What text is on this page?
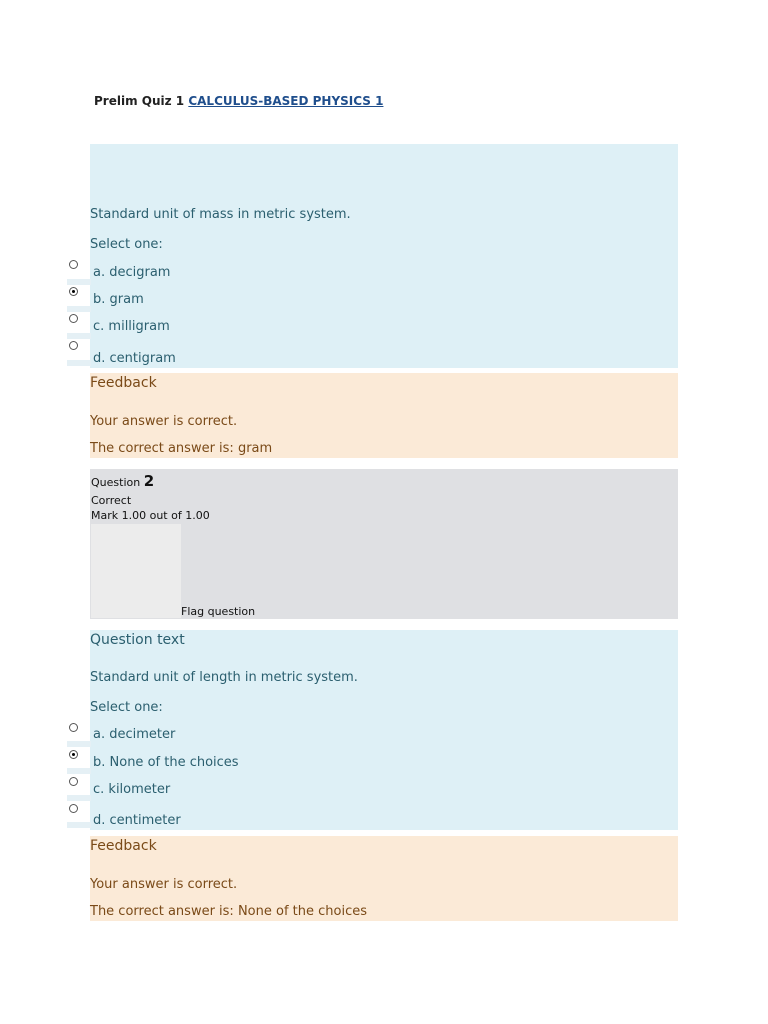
Prelim Quiz 1 CALCULUS-BASED PHYSICS 1
Standard unit of mass in metric system.
Select one:
a. decigram
b. gram
c. milligram
d. centigram
Feedback
Your answer is correct.
The correct answer is: gram
Question 2
Correct
Mark 1.00 out of 1.00
Flag question
Question text
Standard unit of length in metric system.
Select one:
a. decimeter
b. None of the choices
c. kilometer
d. centimeter
Feedback
Your answer is correct.
The correct answer is: None of the choices
